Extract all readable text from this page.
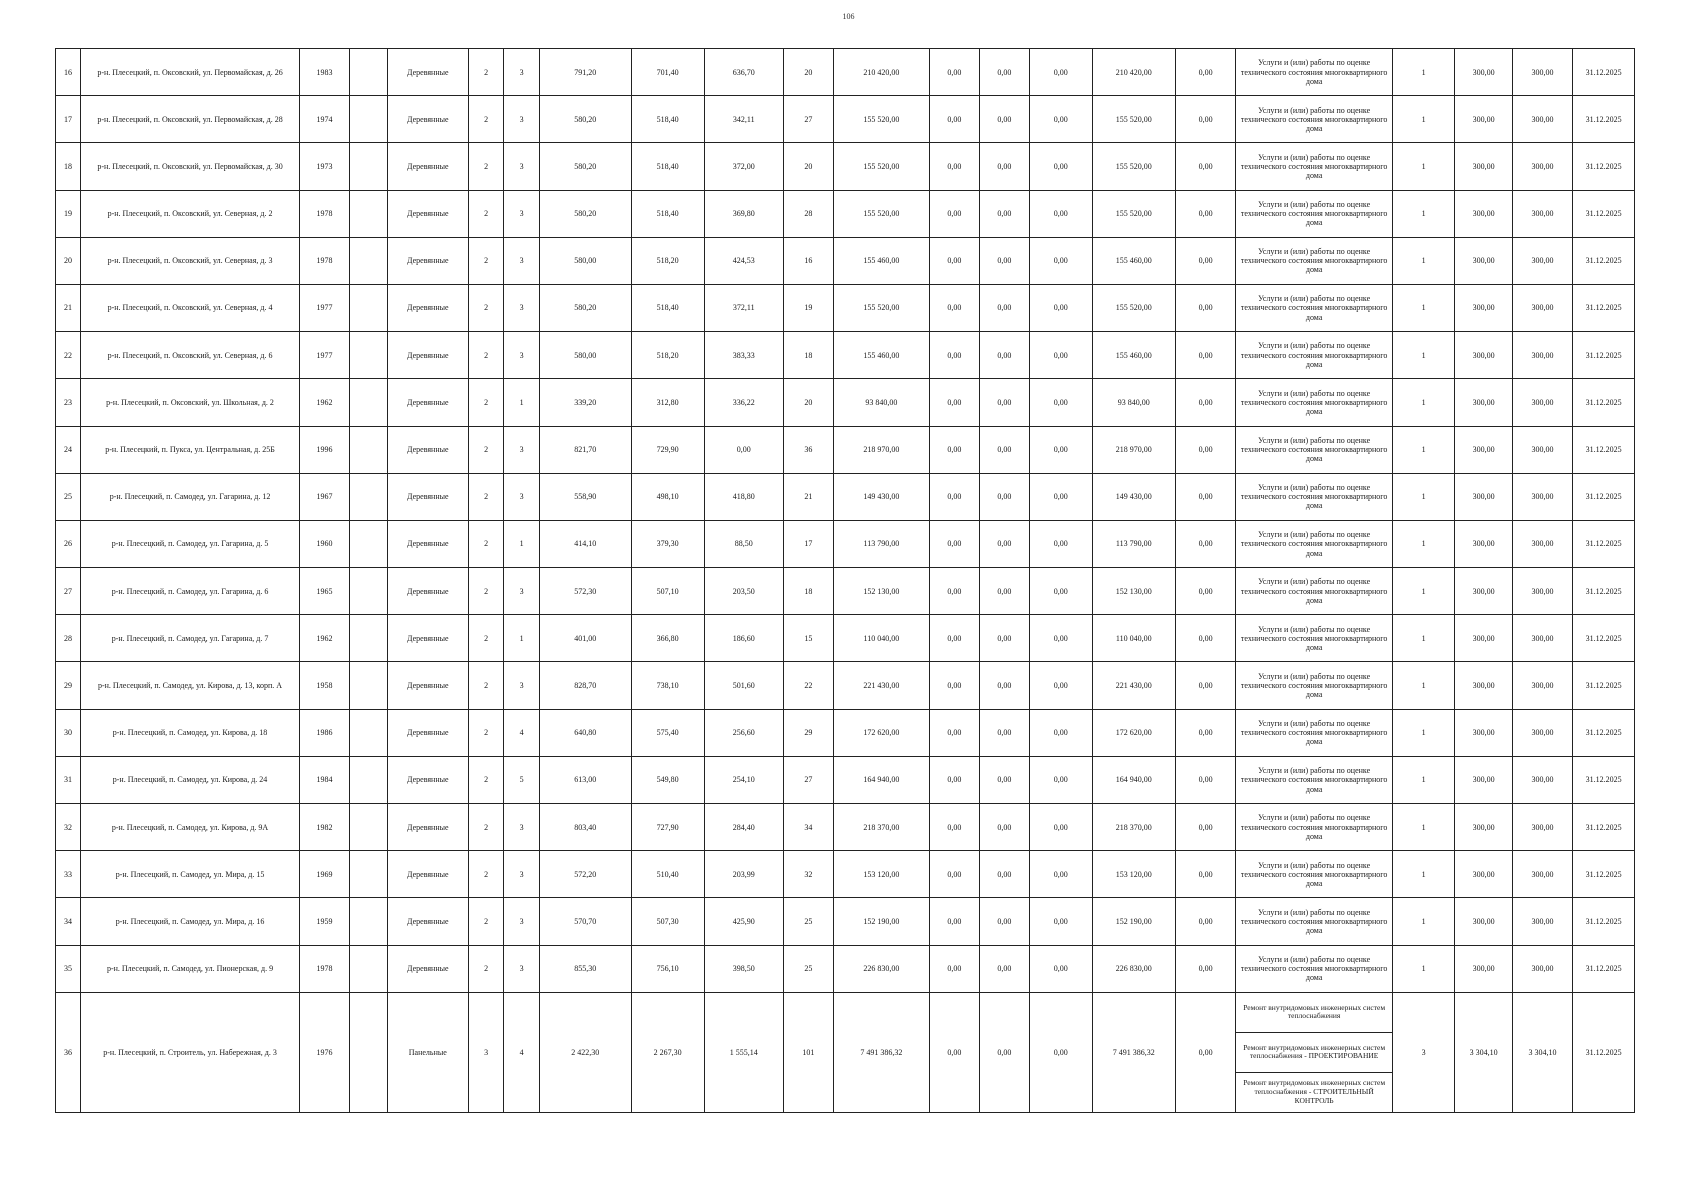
106
16	р-н. Плесецкий, п. Оксовский, ул. Первомайская, д. 26	1983		Деревянные	2	3	791,20	701,40	636,70	20	210 420,00	0,00	0,00	0,00	210 420,00	0,00	Услуги и (или) работы по оценке технического состояния многоквартирного дома	1	300,00	300,00	31.12.2025
17	р-н. Плесецкий, п. Оксовский, ул. Первомайская, д. 28	1974		Деревянные	2	3	580,20	518,40	342,11	27	155 520,00	0,00	0,00	0,00	155 520,00	0,00	Услуги и (или) работы по оценке технического состояния многоквартирного дома	1	300,00	300,00	31.12.2025
18	р-н. Плесецкий, п. Оксовский, ул. Первомайская, д. 30	1973		Деревянные	2	3	580,20	518,40	372,00	20	155 520,00	0,00	0,00	0,00	155 520,00	0,00	Услуги и (или) работы по оценке технического состояния многоквартирного дома	1	300,00	300,00	31.12.2025
19	р-н. Плесецкий, п. Оксовский, ул. Северная, д. 2	1978		Деревянные	2	3	580,20	518,40	369,80	28	155 520,00	0,00	0,00	0,00	155 520,00	0,00	Услуги и (или) работы по оценке технического состояния многоквартирного дома	1	300,00	300,00	31.12.2025
20	р-н. Плесецкий, п. Оксовский, ул. Северная, д. 3	1978		Деревянные	2	3	580,00	518,20	424,53	16	155 460,00	0,00	0,00	0,00	155 460,00	0,00	Услуги и (или) работы по оценке технического состояния многоквартирного дома	1	300,00	300,00	31.12.2025
21	р-н. Плесецкий, п. Оксовский, ул. Северная, д. 4	1977		Деревянные	2	3	580,20	518,40	372,11	19	155 520,00	0,00	0,00	0,00	155 520,00	0,00	Услуги и (или) работы по оценке технического состояния многоквартирного дома	1	300,00	300,00	31.12.2025
22	р-н. Плесецкий, п. Оксовский, ул. Северная, д. 6	1977		Деревянные	2	3	580,00	518,20	383,33	18	155 460,00	0,00	0,00	0,00	155 460,00	0,00	Услуги и (или) работы по оценке технического состояния многоквартирного дома	1	300,00	300,00	31.12.2025
23	р-н. Плесецкий, п. Оксовский, ул. Школьная, д. 2	1962		Деревянные	2	1	339,20	312,80	336,22	20	93 840,00	0,00	0,00	0,00	93 840,00	0,00	Услуги и (или) работы по оценке технического состояния многоквартирного дома	1	300,00	300,00	31.12.2025
24	р-н. Плесецкий, п. Пукса, ул. Центральная, д. 25Б	1996		Деревянные	2	3	821,70	729,90	0,00	36	218 970,00	0,00	0,00	0,00	218 970,00	0,00	Услуги и (или) работы по оценке технического состояния многоквартирного дома	1	300,00	300,00	31.12.2025
25	р-н. Плесецкий, п. Самодед, ул. Гагарина, д. 12	1967		Деревянные	2	3	558,90	498,10	418,80	21	149 430,00	0,00	0,00	0,00	149 430,00	0,00	Услуги и (или) работы по оценке технического состояния многоквартирного дома	1	300,00	300,00	31.12.2025
26	р-н. Плесецкий, п. Самодед, ул. Гагарина, д. 5	1960		Деревянные	2	1	414,10	379,30	88,50	17	113 790,00	0,00	0,00	0,00	113 790,00	0,00	Услуги и (или) работы по оценке технического состояния многоквартирного дома	1	300,00	300,00	31.12.2025
27	р-н. Плесецкий, п. Самодед, ул. Гагарина, д. 6	1965		Деревянные	2	3	572,30	507,10	203,50	18	152 130,00	0,00	0,00	0,00	152 130,00	0,00	Услуги и (или) работы по оценке технического состояния многоквартирного дома	1	300,00	300,00	31.12.2025
28	р-н. Плесецкий, п. Самодед, ул. Гагарина, д. 7	1962		Деревянные	2	1	401,00	366,80	186,60	15	110 040,00	0,00	0,00	0,00	110 040,00	0,00	Услуги и (или) работы по оценке технического состояния многоквартирного дома	1	300,00	300,00	31.12.2025
29	р-н. Плесецкий, п. Самодед, ул. Кирова, д. 13, корп. А	1958		Деревянные	2	3	828,70	738,10	501,60	22	221 430,00	0,00	0,00	0,00	221 430,00	0,00	Услуги и (или) работы по оценке технического состояния многоквартирного дома	1	300,00	300,00	31.12.2025
30	р-н. Плесецкий, п. Самодед, ул. Кирова, д. 18	1986		Деревянные	2	4	640,80	575,40	256,60	29	172 620,00	0,00	0,00	0,00	172 620,00	0,00	Услуги и (или) работы по оценке технического состояния многоквартирного дома	1	300,00	300,00	31.12.2025
31	р-н. Плесецкий, п. Самодед, ул. Кирова, д. 24	1984		Деревянные	2	5	613,00	549,80	254,10	27	164 940,00	0,00	0,00	0,00	164 940,00	0,00	Услуги и (или) работы по оценке технического состояния многоквартирного дома	1	300,00	300,00	31.12.2025
32	р-н. Плесецкий, п. Самодед, ул. Кирова, д. 9А	1982		Деревянные	2	3	803,40	727,90	284,40	34	218 370,00	0,00	0,00	0,00	218 370,00	0,00	Услуги и (или) работы по оценке технического состояния многоквартирного дома	1	300,00	300,00	31.12.2025
33	р-н. Плесецкий, п. Самодед, ул. Мира, д. 15	1969		Деревянные	2	3	572,20	510,40	203,99	32	153 120,00	0,00	0,00	0,00	153 120,00	0,00	Услуги и (или) работы по оценке технического состояния многоквартирного дома	1	300,00	300,00	31.12.2025
34	р-н. Плесецкий, п. Самодед, ул. Мира, д. 16	1959		Деревянные	2	3	570,70	507,30	425,90	25	152 190,00	0,00	0,00	0,00	152 190,00	0,00	Услуги и (или) работы по оценке технического состояния многоквартирного дома	1	300,00	300,00	31.12.2025
35	р-н. Плесецкий, п. Самодед, ул. Пионерская, д. 9	1978		Деревянные	2	3	855,30	756,10	398,50	25	226 830,00	0,00	0,00	0,00	226 830,00	0,00	Услуги и (или) работы по оценке технического состояния многоквартирного дома	1	300,00	300,00	31.12.2025
36	р-н. Плесецкий, п. Строитель, ул. Набережная, д. 3	1976		Панельные	3	4	2 422,30	2 267,30	1 555,14	101	7 491 386,32	0,00	0,00	0,00	7 491 386,32	0,00	Ремонт внутридомовых инженерных систем теплоснабжения	3	3 304,10	3 304,10	31.12.2025
																	Ремонт внутридомовых инженерных систем теплоснабжения - ПРОЕКТИРОВАНИЕ				
																	Ремонт внутридомовых инженерных систем теплоснабжения - СТРОИТЕЛЬНЫЙ КОНТРОЛЬ				
